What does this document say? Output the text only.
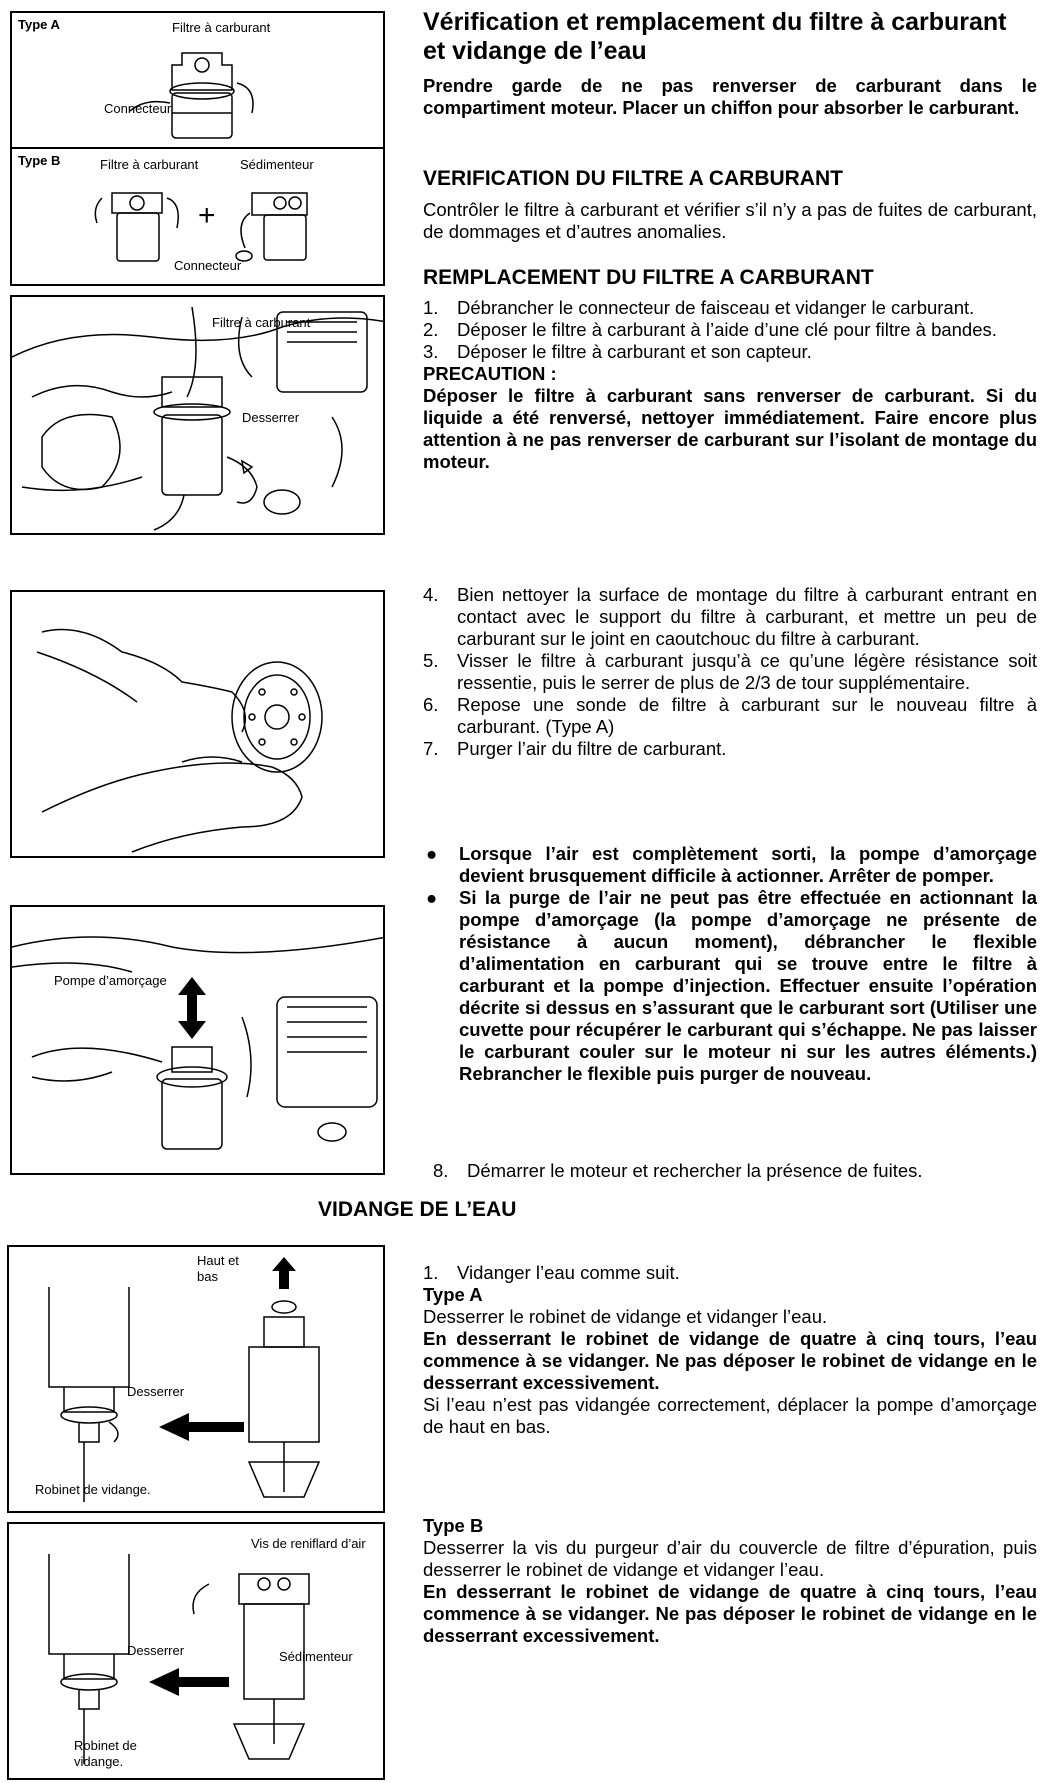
Type A	Filtre à carburant
Connecteur
Type B	Filtre à carburant	Sédimenteur
+
Connecteur
Filtre à carburant
Desserrer
Pompe d’amorçage
Haut et
bas
Desserrer
Robinet de vidange.
Vis de reniflard d’air
Desserrer	Sédimenteur
Robinet de
vidange.
Vérification et remplacement du filtre à carburant et vidange de l’eau
Prendre garde de ne pas renverser de carburant dans le compartiment moteur. Placer un chiffon pour absorber le carburant.
VERIFICATION DU FILTRE A CARBURANT
Contrôler le filtre à carburant et vérifier s’il n’y a pas de fuites de carburant, de dommages et d’autres anomalies.
REMPLACEMENT DU FILTRE A CARBURANT
1. Débrancher le connecteur de faisceau et vidanger le carburant.

2. Déposer le filtre à carburant à l’aide d’une clé pour filtre à bandes.

3. Déposer le filtre à carburant et son capteur.

PRECAUTION :

Déposer le filtre à carburant sans renverser de carburant. Si du liquide a été renversé, nettoyer immédiatement. Faire encore plus attention à ne pas renverser de carburant sur l’isolant de montage du moteur.

4. Bien nettoyer la surface de montage du filtre à carburant entrant en contact avec le support du filtre à carburant, et mettre un peu de carburant sur le joint en caoutchouc du filtre à carburant.

5. Visser le filtre à carburant jusqu’à ce qu’une légère résistance soit ressentie, puis le serrer de plus de 2/3 de tour supplémentaire.

6. Repose une sonde de filtre à carburant sur le nouveau filtre à carburant. (Type A)

7. Purger l’air du filtre de carburant.

● Lorsque l’air est complètement sorti, la pompe d’amorçage devient brusquement difficile à actionner. Arrêter de pomper.

● Si la purge de l’air ne peut pas être effectuée en actionnant la pompe d’amorçage (la pompe d’amorçage ne présente de résistance à aucun moment), débrancher le flexible d’alimentation en carburant qui se trouve entre le filtre à carburant et la pompe d’injection. Effectuer ensuite l’opération décrite si dessus en s’assurant que le carburant sort (Utiliser une cuvette pour récupérer le carburant qui s’échappe. Ne pas laisser le carburant couler sur le moteur ni sur les autres éléments.) Rebrancher le flexible puis purger de nouveau.

8. Démarrer le moteur et rechercher la présence de fuites.

VIDANGE DE L’EAU
1. Vidanger l’eau comme suit.

Type A

Desserrer le robinet de vidange et vidanger l’eau.

En desserrant le robinet de vidange de quatre à cinq tours, l’eau commence à se vidanger. Ne pas déposer le robinet de vidange en le desserrant excessivement.

Si l’eau n’est pas vidangée correctement, déplacer la pompe d’amorçage de haut en bas.

Type B

Desserrer la vis du purgeur d’air du couvercle de filtre d’épuration, puis desserrer le robinet de vidange et vidanger l’eau.

En desserrant le robinet de vidange de quatre à cinq tours, l’eau commence à se vidanger. Ne pas déposer le robinet de vidange en le desserrant excessivement.
